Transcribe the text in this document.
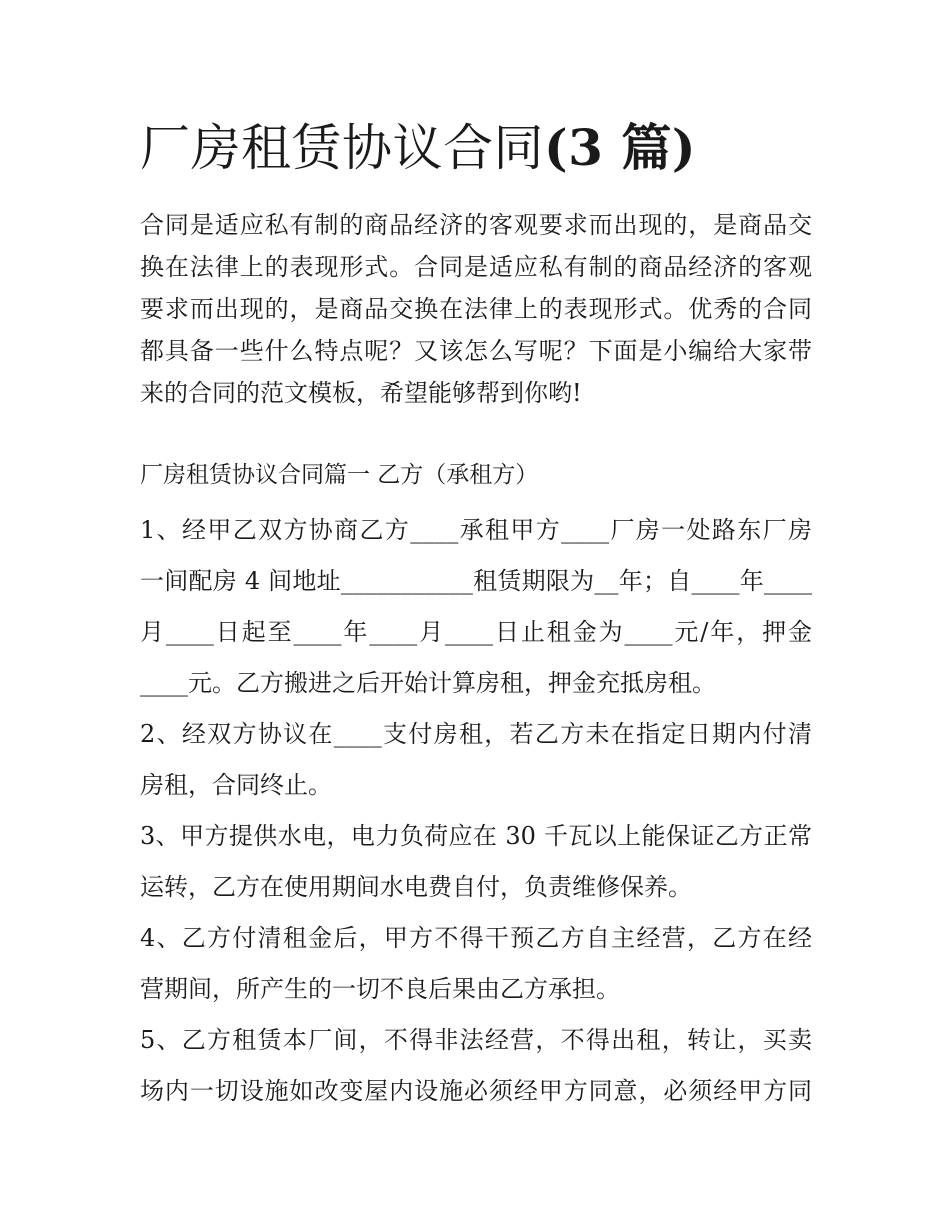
厂房租赁协议合同(3 篇)
合同是适应私有制的商品经济的客观要求而出现的，是商品交
换在法律上的表现形式。合同是适应私有制的商品经济的客观
要求而出现的，是商品交换在法律上的表现形式。优秀的合同
都具备一些什么特点呢？又该怎么写呢？下面是小编给大家带
来的合同的范文模板，希望能够帮到你哟!
厂房租赁协议合同篇一 乙方（承租方）
1、经甲乙双方协商乙方____承租甲方____厂房一处路东厂房
一间配房 4 间地址___________租赁期限为__年；自____年____
月____日起至____年____月____日止租金为____元/年，押金
____元。乙方搬进之后开始计算房租，押金充抵房租。
2、经双方协议在____支付房租，若乙方未在指定日期内付清
房租，合同终止。
3、甲方提供水电，电力负荷应在 30 千瓦以上能保证乙方正常
运转，乙方在使用期间水电费自付，负责维修保养。
4、乙方付清租金后，甲方不得干预乙方自主经营，乙方在经
营期间，所产生的一切不良后果由乙方承担。
5、乙方租赁本厂间，不得非法经营，不得出租，转让，买卖
场内一切设施如改变屋内设施必须经甲方同意，必须经甲方同
